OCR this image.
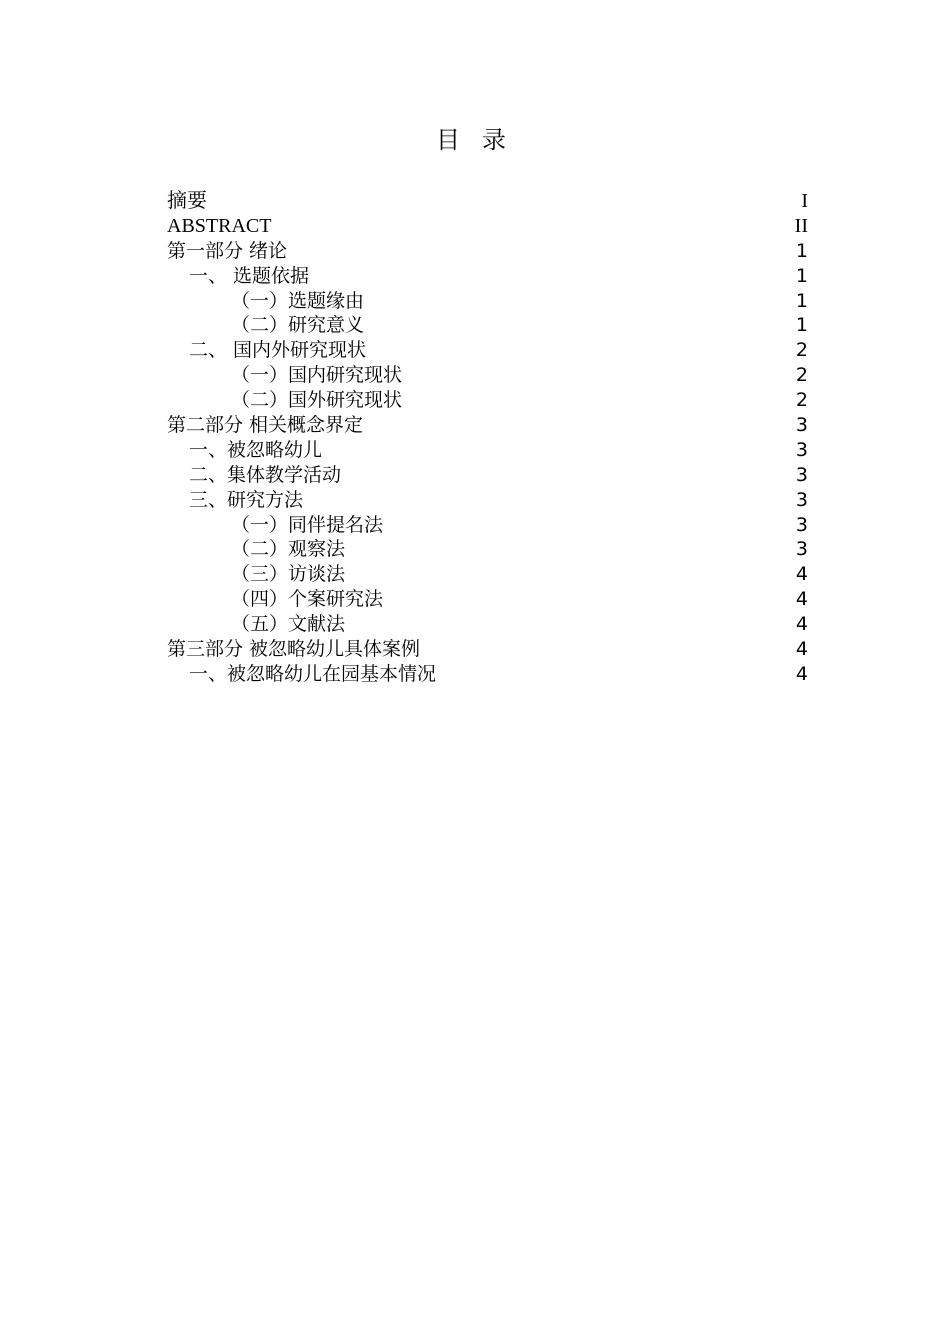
目录
摘要	I
ABSTRACT	II
第一部分 绪论	1
一、 选题依据	1
（一）选题缘由	1
（二）研究意义	1
二、 国内外研究现状	2
（一）国内研究现状	2
（二）国外研究现状	2
第二部分 相关概念界定	3
一、被忽略幼儿	3
二、集体教学活动	3
三、研究方法	3
（一）同伴提名法	3
（二）观察法	3
（三）访谈法	4
（四）个案研究法	4
（五）文献法	4
第三部分 被忽略幼儿具体案例	4
一、被忽略幼儿在园基本情况	4
